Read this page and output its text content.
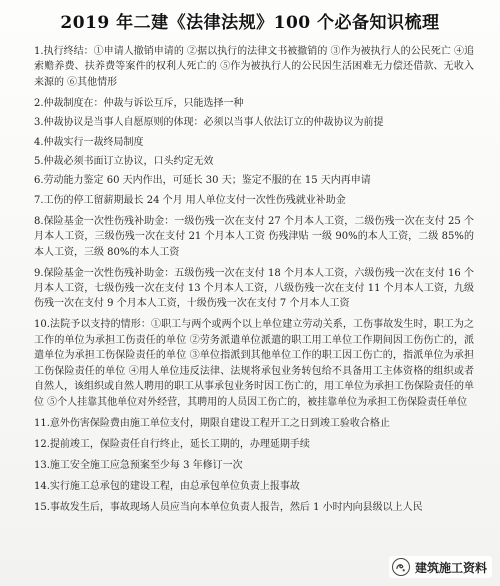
2019 年二建《法律法规》100 个必备知识梳理

1.执行终结：①申请人撤销申请的 ②据以执行的法律文书被撤销的 ③作为被执行人的公民死亡 ④追索赡养费、扶养费等案件的权利人死亡的 ⑤作为被执行人的公民因生活困难无力偿还借款、无收入来源的 ⑥其他情形

2.仲裁制度在：仲裁与诉讼互斥，只能选择一种

3.仲裁协议是当事人自愿原则的体现：必须以当事人依法订立的仲裁协议为前提

4.仲裁实行一裁终局制度

5.仲裁必须书面订立协议，口头约定无效

6.劳动能力鉴定 60 天内作出，可延长 30 天；鉴定不服的在 15 天内再申请

7.工伤的停工留薪期最长 24 个月 用人单位支付一次性伤残就业补助金

8.保险基金一次性伤残补助金：一级伤残一次在支付 27 个月本人工资，二级伤残一次在支付 25 个月本人工资，三级伤残一次在支付 21 个月本人工资 伤残津贴 一级 90%的本人工资，二级 85%的本人工资，三级 80%的本人工资

9.保险基金一次性伤残补助金：五级伤残一次在支付 18 个月本人工资，六级伤残一次在支付 16 个月本人工资，七级伤残一次在支付 13 个月本人工资，八级伤残一次在支付 11 个月本人工资，九级伤残一次在支付 9 个月本人工资，十级伤残一次在支付 7 个月本人工资

10.法院予以支持的情形：①职工与两个或两个以上单位建立劳动关系，工伤事故发生时，职工为之工作的单位为承担工伤责任的单位 ②劳务派遣单位派遣的职工用工单位工作期间因工伤伤亡的，派遣单位为承担工伤保险责任的单位 ③单位指派到其他单位工作的职工因工伤亡的，指派单位为承担工伤保险责任的单位 ④用人单位违反法律、法规将承包业务转包给不具备用工主体资格的组织或者自然人，该组织或自然人聘用的职工从事承包业务时因工伤亡的，用工单位为承担工伤保险责任的单位 ⑤个人挂靠其他单位对外经营，其聘用的人员因工伤亡的，被挂靠单位为承担工伤保险责任单位

11.意外伤害保险费由施工单位支付，期限自建设工程开工之日到竣工验收合格止

12.提前竣工，保险责任自行终止，延长工期的，办理延期手续

13.施工安全施工应急预案至少每 3 年修订一次

14.实行施工总承包的建设工程，由总承包单位负责上报事故

15.事故发生后，事故现场人员应当向本单位负责人报告，然后 1 小时内向县级以上人民

建筑施工资料
